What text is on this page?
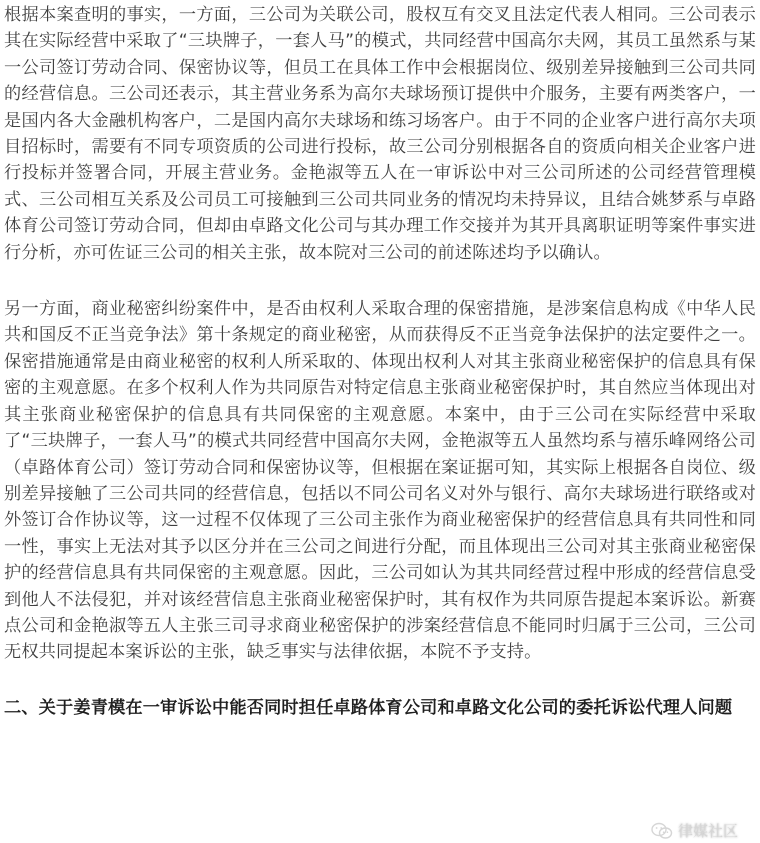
根据本案查明的事实，一方面，三公司为关联公司，股权互有交叉且法定代表人相同。三公司表示其在实际经营中采取了“三块牌子，一套人马”的模式，共同经营中国高尔夫网，其员工虽然系与某一公司签订劳动合同、保密协议等，但员工在具体工作中会根据岗位、级别差异接触到三公司共同的经营信息。三公司还表示，其主营业务系为高尔夫球场预订提供中介服务，主要有两类客户，一是国内各大金融机构客户，二是国内高尔夫球场和练习场客户。由于不同的企业客户进行高尔夫项目招标时，需要有不同专项资质的公司进行投标，故三公司分别根据各自的资质向相关企业客户进行投标并签署合同，开展主营业务。金艳淑等五人在一审诉讼中对三公司所述的公司经营管理模式、三公司相互关系及公司员工可接触到三公司共同业务的情况均未持异议，且结合姚梦系与卓路体育公司签订劳动合同，但却由卓路文化公司与其办理工作交接并为其开具离职证明等案件事实进行分析，亦可佐证三公司的相关主张，故本院对三公司的前述陈述均予以确认。

另一方面，商业秘密纠纷案件中，是否由权利人采取合理的保密措施，是涉案信息构成《中华人民共和国反不正当竞争法》第十条规定的商业秘密，从而获得反不正当竞争法保护的法定要件之一。保密措施通常是由商业秘密的权利人所采取的、体现出权利人对其主张商业秘密保护的信息具有保密的主观意愿。在多个权利人作为共同原告对特定信息主张商业秘密保护时，其自然应当体现出对其主张商业秘密保护的信息具有共同保密的主观意愿。本案中，由于三公司在实际经营中采取了“三块牌子，一套人马”的模式共同经营中国高尔夫网，金艳淑等五人虽然均系与禧乐峰网络公司（卓路体育公司）签订劳动合同和保密协议等，但根据在案证据可知，其实际上根据各自岗位、级别差异接触了三公司共同的经营信息，包括以不同公司名义对外与银行、高尔夫球场进行联络或对外签订合作协议等，这一过程不仅体现了三公司主张作为商业秘密保护的经营信息具有共同性和同一性，事实上无法对其予以区分并在三公司之间进行分配，而且体现出三公司对其主张商业秘密保护的经营信息具有共同保密的主观意愿。因此，三公司如认为其共同经营过程中形成的经营信息受到他人不法侵犯，并对该经营信息主张商业秘密保护时，其有权作为共同原告提起本案诉讼。新赛点公司和金艳淑等五人主张三司寻求商业秘密保护的涉案经营信息不能同时归属于三公司，三公司无权共同提起本案诉讼的主张，缺乏事实与法律依据，本院不予支持。

二、关于姜青模在一审诉讼中能否同时担任卓路体育公司和卓路文化公司的委托诉讼代理人问题

律媒社区
